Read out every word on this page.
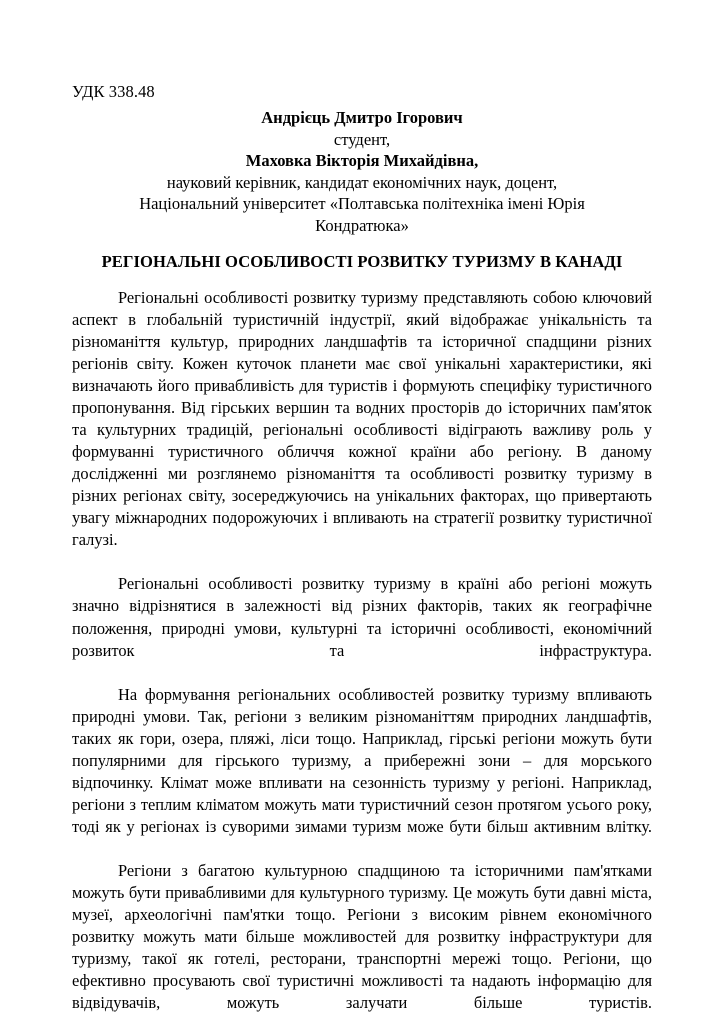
УДК 338.48
Андрієць Дмитро Ігорович
студент,
Маховка Вікторія Михайдівна,
науковий керівник, кандидат економічних наук, доцент,
Національний університет «Полтавська політехніка імені Юрія
Кондратюка»
РЕГІОНАЛЬНІ ОСОБЛИВОСТІ РОЗВИТКУ ТУРИЗМУ В КАНАДІ

Регіональні особливості розвитку туризму представляють собою ключовий аспект в глобальній туристичній індустрії, який відображає унікальність та різноманіття культур, природних ландшафтів та історичної спадщини різних регіонів світу. Кожен куточок планети має свої унікальні характеристики, які визначають його привабливість для туристів і формують специфіку туристичного пропонування. Від гірських вершин та водних просторів до історичних пам'яток та культурних традицій, регіональні особливості відіграють важливу роль у формуванні туристичного обличчя кожної країни або регіону. В даному дослідженні ми розглянемо різноманіття та особливості розвитку туризму в різних регіонах світу, зосереджуючись на унікальних факторах, що привертають увагу міжнародних подорожуючих і впливають на стратегії розвитку туристичної галузі.

Регіональні особливості розвитку туризму в країні або регіоні можуть значно відрізнятися в залежності від різних факторів, таких як географічне положення, природні умови, культурні та історичні особливості, економічний розвиток та інфраструктура.

На формування регіональних особливостей розвитку туризму впливають природні умови. Так, регіони з великим різноманіттям природних ландшафтів, таких як гори, озера, пляжі, ліси тощо. Наприклад, гірські регіони можуть бути популярними для гірського туризму, а прибережні зони – для морського відпочинку. Клімат може впливати на сезонність туризму у регіоні. Наприклад, регіони з теплим кліматом можуть мати туристичний сезон протягом усього року, тоді як у регіонах із суворими зимами туризм може бути більш активним влітку.

Регіони з багатою культурною спадщиною та історичними пам'ятками можуть бути привабливими для культурного туризму. Це можуть бути давні міста, музеї, археологічні пам'ятки тощо. Регіони з високим рівнем економічного розвитку можуть мати більше можливостей для розвитку інфраструктури для туризму, такої як готелі, ресторани, транспортні мережі тощо. Регіони, що ефективно просувають свої туристичні можливості та надають інформацію для відвідувачів, можуть залучати більше туристів.
